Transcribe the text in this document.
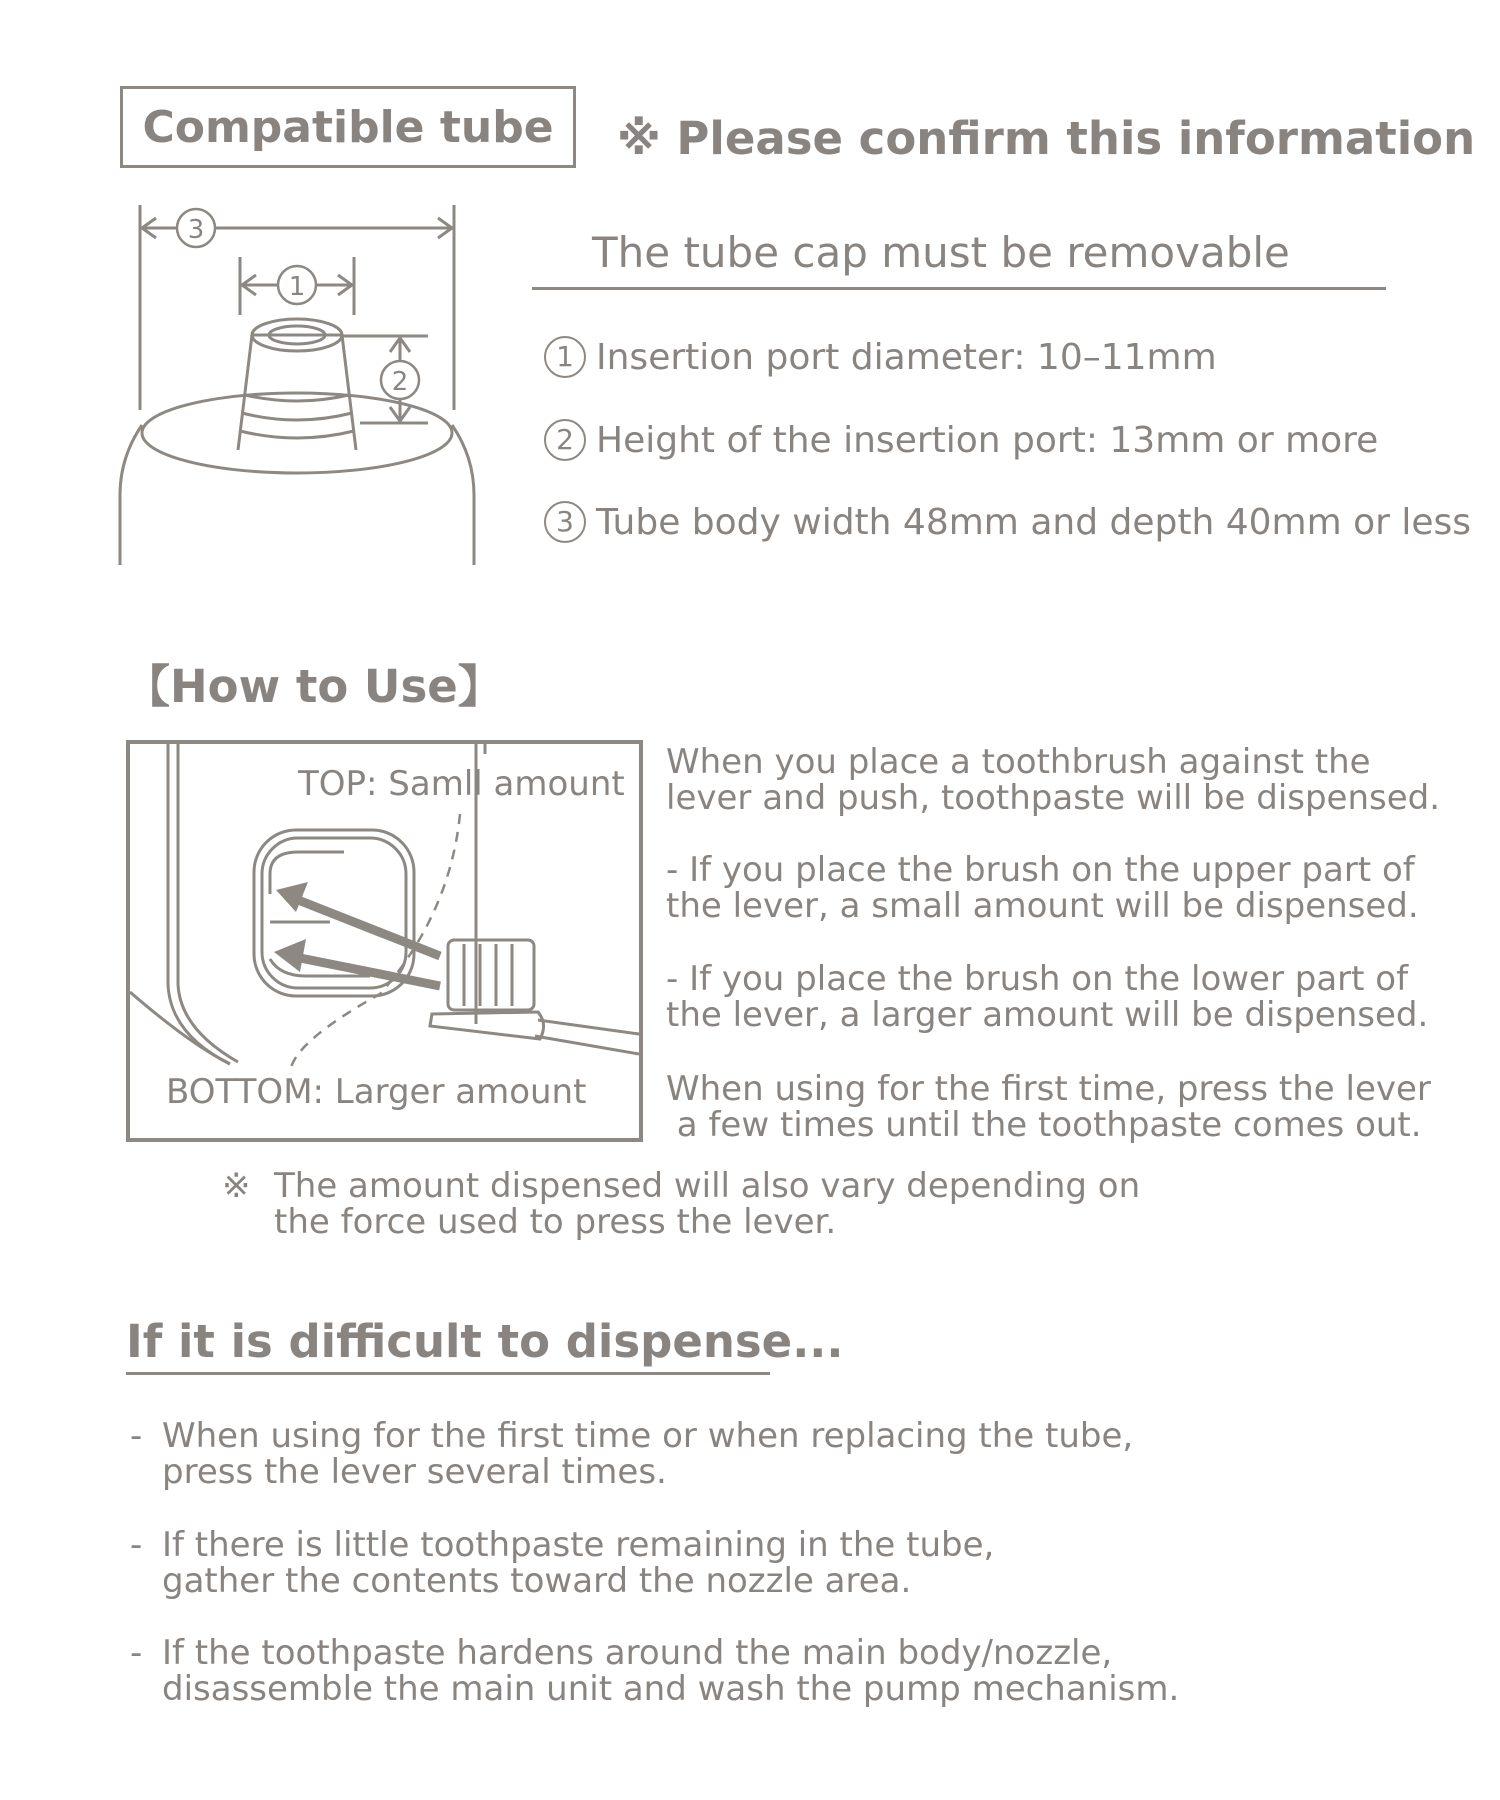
Compatible tube	※ Please confirm this information
3
1
2
The tube cap must be removable
1 Insertion port diameter: 10–11mm
2 Height of the insertion port: 13mm or more
3 Tube body width 48mm and depth 40mm or less
【How to Use】
TOP: Samll amount
BOTTOM: Larger amount
When you place a toothbrush against the
lever and push, toothpaste will be dispensed.
- If you place the brush on the upper part of
the lever, a small amount will be dispensed.
- If you place the brush on the lower part of
the lever, a larger amount will be dispensed.
When using for the first time, press the lever
a few times until the toothpaste comes out.
※ The amount dispensed will also vary depending on
the force used to press the lever.
If it is difficult to dispense...
- When using for the first time or when replacing the tube,
press the lever several times.
- If there is little toothpaste remaining in the tube,
gather the contents toward the nozzle area.
- If the toothpaste hardens around the main body/nozzle,
disassemble the main unit and wash the pump mechanism.
